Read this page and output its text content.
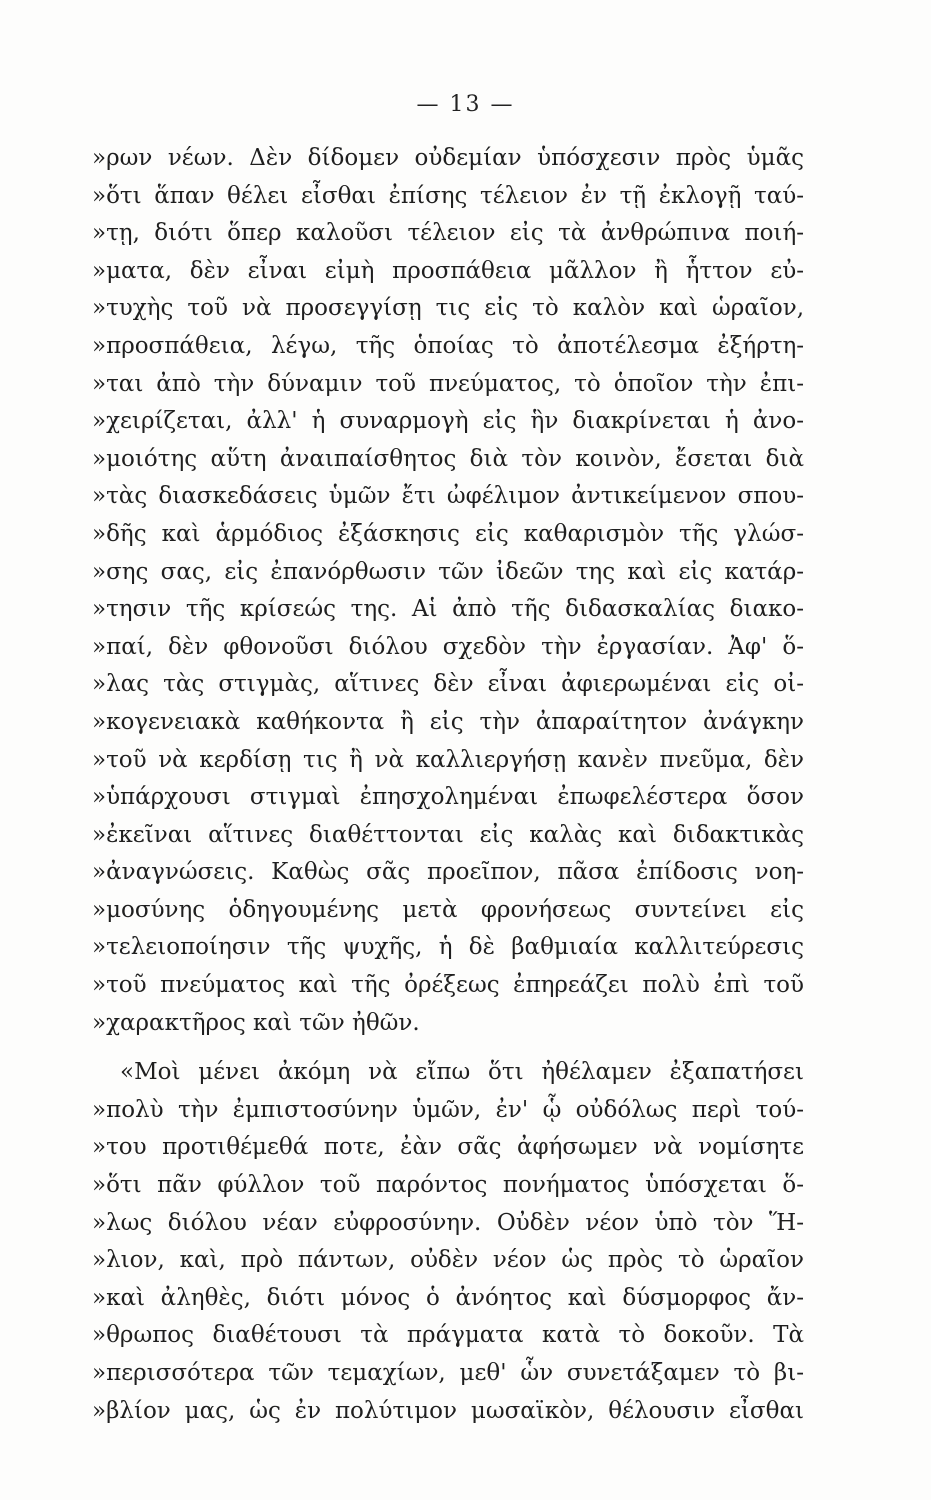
— 13 —
»ρων νέων. Δὲν δίδομεν οὐδεμίαν ὑπόσχεσιν πρὸς ὑμᾶς
»ὅτι ἅπαν θέλει εἶσθαι ἐπίσης τέλειον ἐν τῇ ἐκλογῇ ταύ-
»τῃ, διότι ὅπερ καλοῦσι τέλειον εἰς τὰ ἀνθρώπινα ποιή-
»ματα, δὲν εἶναι εἰμὴ προσπάθεια μᾶλλον ἢ ἧττον εὐ-
»τυχὴς τοῦ νὰ προσεγγίσῃ τις εἰς τὸ καλὸν καὶ ὡραῖον,
»προσπάθεια, λέγω, τῆς ὁποίας τὸ ἀποτέλεσμα ἐξήρτη-
»ται ἀπὸ τὴν δύναμιν τοῦ πνεύματος, τὸ ὁποῖον τὴν ἐπι-
»χειρίζεται, ἀλλ' ἡ συναρμογὴ εἰς ἣν διακρίνεται ἡ ἀνο-
»μοιότης αὕτη ἀναιπαίσθητος διὰ τὸν κοινὸν, ἔσεται διὰ
»τὰς διασκεδάσεις ὑμῶν ἔτι ὠφέλιμον ἀντικείμενον σπου-
»δῆς καὶ ἁρμόδιος ἐξάσκησις εἰς καθαρισμὸν τῆς γλώσ-
»σης σας, εἰς ἐπανόρθωσιν τῶν ἰδεῶν της καὶ εἰς κατάρ-
»τησιν τῆς κρίσεώς της. Αἱ ἀπὸ τῆς διδασκαλίας διακο-
»παί, δὲν φθονοῦσι διόλου σχεδὸν τὴν ἐργασίαν. Ἀφ' ὅ-
»λας τὰς στιγμὰς, αἵτινες δὲν εἶναι ἀφιερωμέναι εἰς οἰ-
»κογενειακὰ καθήκοντα ἢ εἰς τὴν ἀπαραίτητον ἀνάγκην
»τοῦ νὰ κερδίσῃ τις ἢ νὰ καλλιεργήσῃ κανὲν πνεῦμα, δὲν
»ὑπάρχουσι στιγμαὶ ἐπησχολημέναι ἐπωφελέστερα ὅσον
»ἐκεῖναι αἵτινες διαθέττονται εἰς καλὰς καὶ διδακτικὰς
»ἀναγνώσεις. Καθὼς σᾶς προεῖπον, πᾶσα ἐπίδοσις νοη-
»μοσύνης ὁδηγουμένης μετὰ φρονήσεως συντείνει εἰς
»τελειοποίησιν τῆς ψυχῆς, ἡ δὲ βαθμιαία καλλιτεύρεσις
»τοῦ πνεύματος καὶ τῆς ὀρέξεως ἐπηρεάζει πολὺ ἐπὶ τοῦ
»χαρακτῆρος καὶ τῶν ἠθῶν.
«Μοὶ μένει ἀκόμη νὰ εἴπω ὅτι ἠθέλαμεν ἐξαπατήσει
»πολὺ τὴν ἐμπιστοσύνην ὑμῶν, ἐν' ᾧ οὐδόλως περὶ τού-
»του προτιθέμεθά ποτε, ἐὰν σᾶς ἀφήσωμεν νὰ νομίσητε
»ὅτι πᾶν φύλλον τοῦ παρόντος πονήματος ὑπόσχεται ὅ-
»λως διόλου νέαν εὐφροσύνην. Οὐδὲν νέον ὑπὸ τὸν Ἥ-
»λιον, καὶ, πρὸ πάντων, οὐδὲν νέον ὡς πρὸς τὸ ὡραῖον
»καὶ ἀληθὲς, διότι μόνος ὁ ἀνόητος καὶ δύσμορφος ἄν-
»θρωπος διαθέτουσι τὰ πράγματα κατὰ τὸ δοκοῦν. Τὰ
»περισσότερα τῶν τεμαχίων, μεθ' ὧν συνετάξαμεν τὸ βι-
»βλίον μας, ὡς ἐν πολύτιμον μωσαϊκὸν, θέλουσιν εἶσθαι
